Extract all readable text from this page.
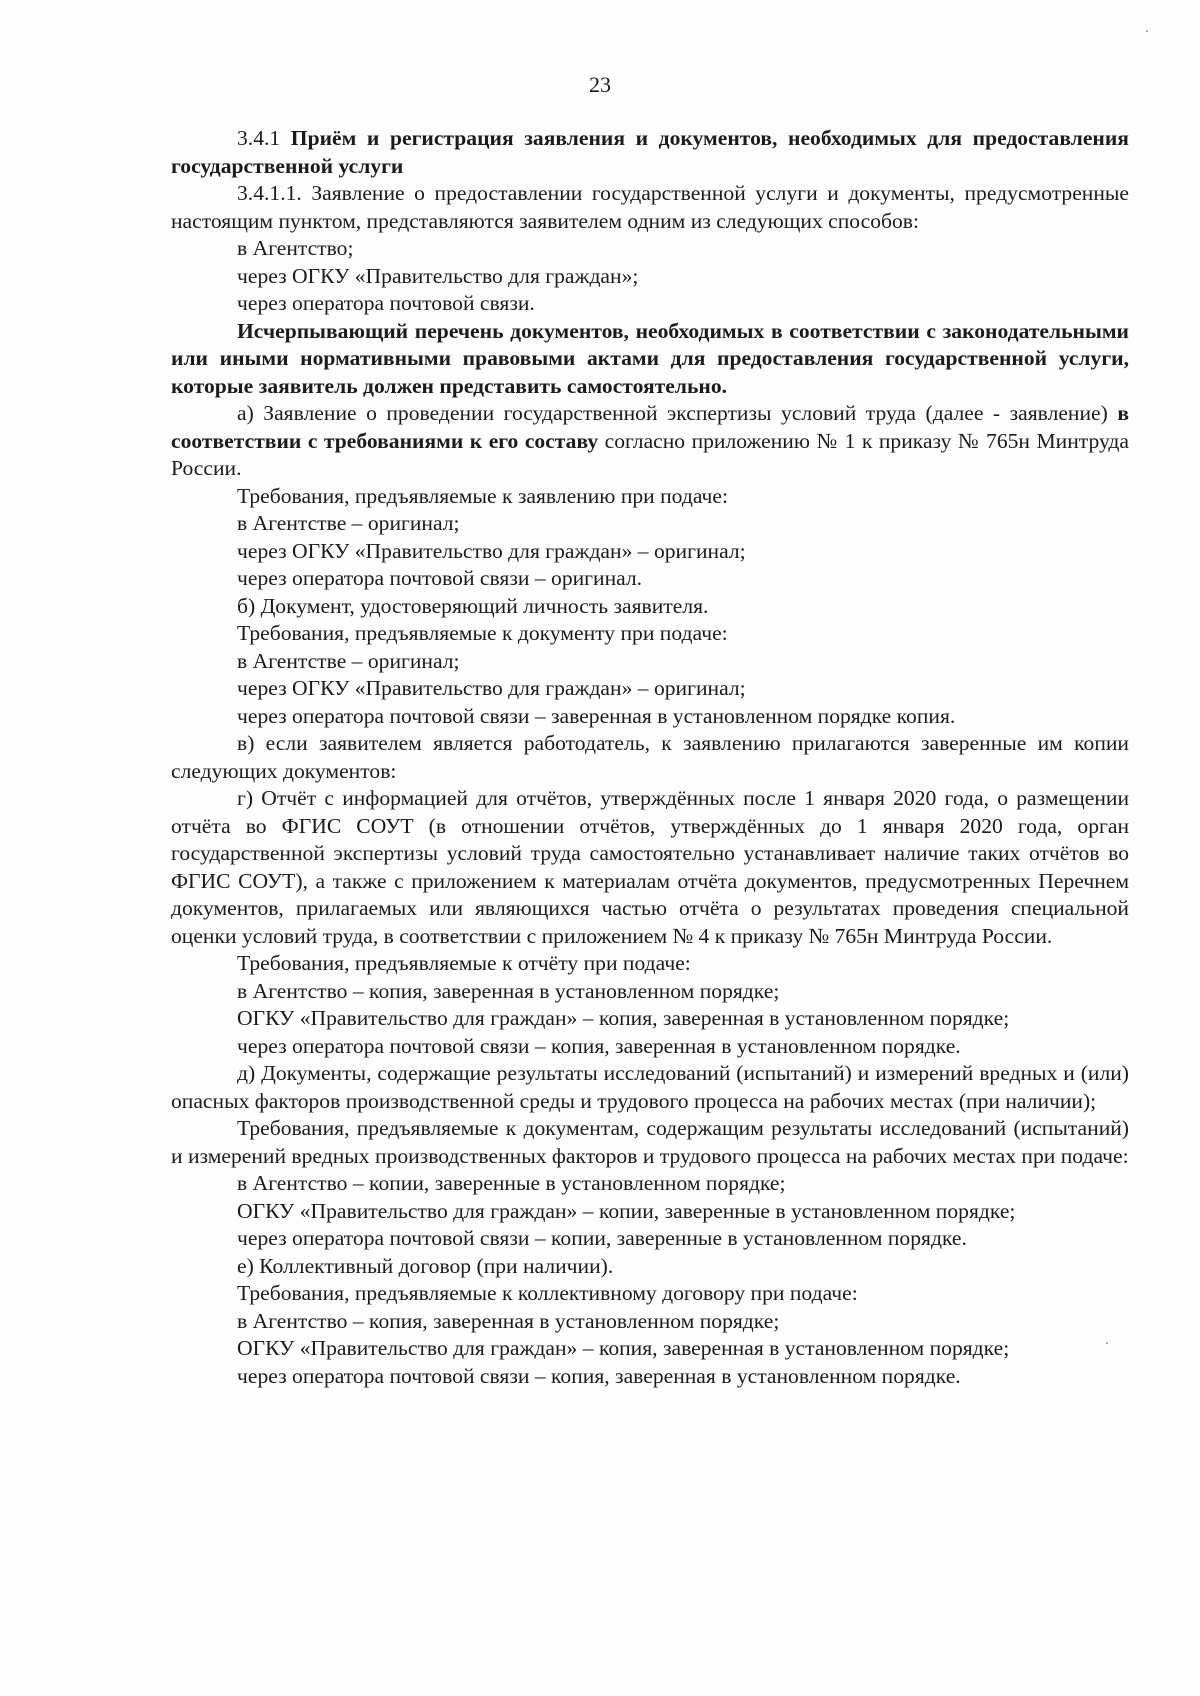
23

3.4.1 Приём и регистрация заявления и документов, необходимых для предоставления государственной услуги

3.4.1.1. Заявление о предоставлении государственной услуги и документы, предусмотренные настоящим пунктом, представляются заявителем одним из следующих способов:

в Агентство;

через ОГКУ «Правительство для граждан»;

через оператора почтовой связи.

Исчерпывающий перечень документов, необходимых в соответствии с законодательными или иными нормативными правовыми актами для предоставления государственной услуги, которые заявитель должен представить самостоятельно.

а) Заявление о проведении государственной экспертизы условий труда (далее - заявление) в соответствии с требованиями к его составу согласно приложению № 1 к приказу № 765н Минтруда России.

Требования, предъявляемые к заявлению при подаче:

в Агентстве – оригинал;

через ОГКУ «Правительство для граждан» – оригинал;

через оператора почтовой связи – оригинал.

б) Документ, удостоверяющий личность заявителя.

Требования, предъявляемые к документу при подаче:

в Агентстве – оригинал;

через ОГКУ «Правительство для граждан» – оригинал;

через оператора почтовой связи – заверенная в установленном порядке копия.

в) если заявителем является работодатель, к заявлению прилагаются заверенные им копии следующих документов:

г) Отчёт с информацией для отчётов, утверждённых после 1 января 2020 года, о размещении отчёта во ФГИС СОУТ (в отношении отчётов, утверждённых до 1 января 2020 года, орган государственной экспертизы условий труда самостоятельно устанавливает наличие таких отчётов во ФГИС СОУТ), а также с приложением к материалам отчёта документов, предусмотренных Перечнем документов, прилагаемых или являющихся частью отчёта о результатах проведения специальной оценки условий труда, в соответствии с приложением № 4 к приказу № 765н Минтруда России.

Требования, предъявляемые к отчёту при подаче:

в Агентство – копия, заверенная в установленном порядке;

ОГКУ «Правительство для граждан» – копия, заверенная в установленном порядке;

через оператора почтовой связи – копия, заверенная в установленном порядке.

д) Документы, содержащие результаты исследований (испытаний) и измерений вредных и (или) опасных факторов производственной среды и трудового процесса на рабочих местах (при наличии);

Требования, предъявляемые к документам, содержащим результаты исследований (испытаний) и измерений вредных производственных факторов и трудового процесса на рабочих местах при подаче:

в Агентство – копии, заверенные в установленном порядке;

ОГКУ «Правительство для граждан» – копии, заверенные в установленном порядке;

через оператора почтовой связи – копии, заверенные в установленном порядке.

е) Коллективный договор (при наличии).

Требования, предъявляемые к коллективному договору при подаче:

в Агентство – копия, заверенная в установленном порядке;

ОГКУ «Правительство для граждан» – копия, заверенная в установленном порядке;

через оператора почтовой связи – копия, заверенная в установленном порядке.
